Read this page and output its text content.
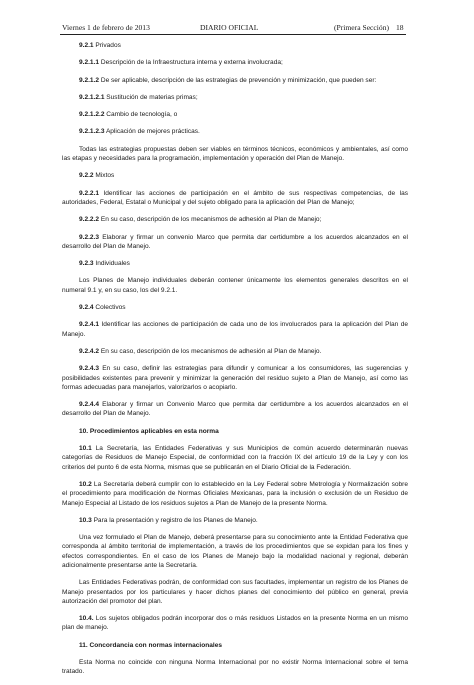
Viernes 1 de febrero de 2013	DIARIO OFICIAL	(Primera Sección) 18

9.2.1 Privados

9.2.1.1 Descripción de la Infraestructura interna y externa involucrada;

9.2.1.2 De ser aplicable, descripción de las estrategias de prevención y minimización, que pueden ser:

9.2.1.2.1 Sustitución de materias primas;

9.2.1.2.2 Cambio de tecnología, o

9.2.1.2.3 Aplicación de mejores prácticas.

Todas las estrategias propuestas deben ser viables en términos técnicos, económicos y ambientales, así como las etapas y necesidades para la programación, implementación y operación del Plan de Manejo.

9.2.2 Mixtos

9.2.2.1 Identificar las acciones de participación en el ámbito de sus respectivas competencias, de las autoridades, Federal, Estatal o Municipal y del sujeto obligado para la aplicación del Plan de Manejo;

9.2.2.2 En su caso, descripción de los mecanismos de adhesión al Plan de Manejo;

9.2.2.3 Elaborar y firmar un convenio Marco que permita dar certidumbre a los acuerdos alcanzados en el desarrollo del Plan de Manejo.

9.2.3 Individuales

Los Planes de Manejo individuales deberán contener únicamente los elementos generales descritos en el numeral 9.1 y, en su caso, los del 9.2.1.

9.2.4 Colectivos

9.2.4.1 Identificar las acciones de participación de cada uno de los involucrados para la aplicación del Plan de Manejo.

9.2.4.2 En su caso, descripción de los mecanismos de adhesión al Plan de Manejo.

9.2.4.3 En su caso, definir las estrategias para difundir y comunicar a los consumidores, las sugerencias y posibilidades existentes para prevenir y minimizar la generación del residuo sujeto a Plan de Manejo, así como las formas adecuadas para manejarlos, valorizarlos o acopiarlo.

9.2.4.4 Elaborar y firmar un Convenio Marco que permita dar certidumbre a los acuerdos alcanzados en el desarrollo del Plan de Manejo.

10. Procedimientos aplicables en esta norma

10.1 La Secretaría, las Entidades Federativas y sus Municipios de común acuerdo determinarán nuevas categorías de Residuos de Manejo Especial, de conformidad con la fracción IX del artículo 19 de la Ley y con los criterios del punto 6 de esta Norma, mismas que se publicarán en el Diario Oficial de la Federación.

10.2 La Secretaría deberá cumplir con lo establecido en la Ley Federal sobre Metrología y Normalización sobre el procedimiento para modificación de Normas Oficiales Mexicanas, para la inclusión o exclusión de un Residuo de Manejo Especial al Listado de los residuos sujetos a Plan de Manejo de la presente Norma.

10.3 Para la presentación y registro de los Planes de Manejo.

Una vez formulado el Plan de Manejo, deberá presentarse para su conocimiento ante la Entidad Federativa que corresponda al ámbito territorial de implementación, a través de los procedimientos que se expidan para los fines y efectos correspondientes. En el caso de los Planes de Manejo bajo la modalidad nacional y regional, deberán adicionalmente presentarse ante la Secretaría.

Las Entidades Federativas podrán, de conformidad con sus facultades, implementar un registro de los Planes de Manejo presentados por los particulares y hacer dichos planes del conocimiento del público en general, previa autorización del promotor del plan.

10.4. Los sujetos obligados podrán incorporar dos o más residuos Listados en la presente Norma en un mismo plan de manejo.

11. Concordancia con normas internacionales

Esta Norma no coincide con ninguna Norma Internacional por no existir Norma Internacional sobre el tema tratado.
